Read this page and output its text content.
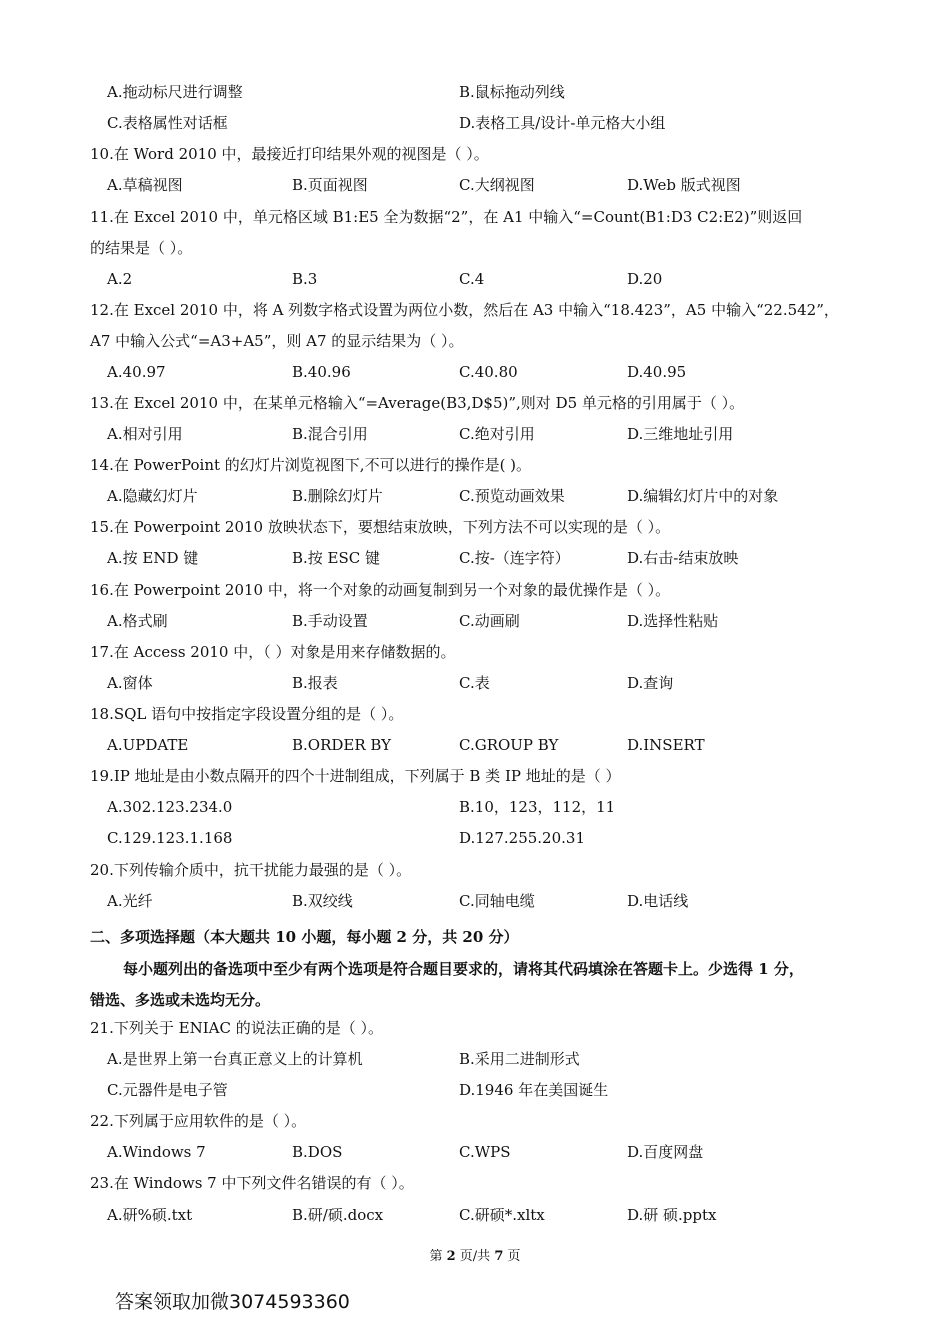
A.拖动标尺进行调整	B.鼠标拖动列线
C.表格属性对话框	D.表格工具/设计-单元格大小组
10.在 Word 2010 中，最接近打印结果外观的视图是（ ）。
A.草稿视图	B.页面视图	C.大纲视图	D.Web 版式视图
11.在 Excel 2010 中，单元格区域 B1:E5 全为数据“2”，在 A1 中输入“=Count(B1:D3 C2:E2)”则返回
的结果是（ ）。
A.2	B.3	C.4	D.20
12.在 Excel 2010 中，将 A 列数字格式设置为两位小数，然后在 A3 中输入“18.423”，A5 中输入“22.542”，
A7 中输入公式“=A3+A5”，则 A7 的显示结果为（ ）。
A.40.97	B.40.96	C.40.80	D.40.95
13.在 Excel 2010 中，在某单元格输入“=Average(B3,D$5)”,则对 D5 单元格的引用属于（ ）。
A.相对引用	B.混合引用	C.绝对引用	D.三维地址引用
14.在 PowerPoint 的幻灯片浏览视图下,不可以进行的操作是( )。
A.隐藏幻灯片	B.删除幻灯片	C.预览动画效果	D.编辑幻灯片中的对象
15.在 Powerpoint 2010 放映状态下，要想结束放映，下列方法不可以实现的是（ ）。
A.按 END 键	B.按 ESC 键	C.按-（连字符）	D.右击-结束放映
16.在 Powerpoint 2010 中，将一个对象的动画复制到另一个对象的最优操作是（ ）。
A.格式刷	B.手动设置	C.动画刷	D.选择性粘贴
17.在 Access 2010 中，（ ）对象是用来存储数据的。
A.窗体	B.报表	C.表	D.查询
18.SQL 语句中按指定字段设置分组的是（ ）。
A.UPDATE	B.ORDER BY	C.GROUP BY	D.INSERT
19.IP 地址是由小数点隔开的四个十进制组成，下列属于 B 类 IP 地址的是（ ）
A.302.123.234.0	B.10，123，112，11
C.129.123.1.168	D.127.255.20.31
20.下列传输介质中，抗干扰能力最强的是（ ）。
A.光纤	B.双绞线	C.同轴电缆	D.电话线
二、多项选择题（本大题共 10 小题，每小题 2 分，共 20 分）
每小题列出的备选项中至少有两个选项是符合题目要求的，请将其代码填涂在答题卡上。少选得 1 分，
错选、多选或未选均无分。
21.下列关于 ENIAC 的说法正确的是（ ）。
A.是世界上第一台真正意义上的计算机	B.采用二进制形式
C.元器件是电子管	D.1946 年在美国诞生
22.下列属于应用软件的是（ ）。
A.Windows 7	B.DOS	C.WPS	D.百度网盘
23.在 Windows 7 中下列文件名错误的有（ ）。
A.研%硕.txt	B.研/硕.docx	C.研硕*.xltx	D.研 硕.pptx
第 2 页/共 7 页
答案领取加微3074593360
